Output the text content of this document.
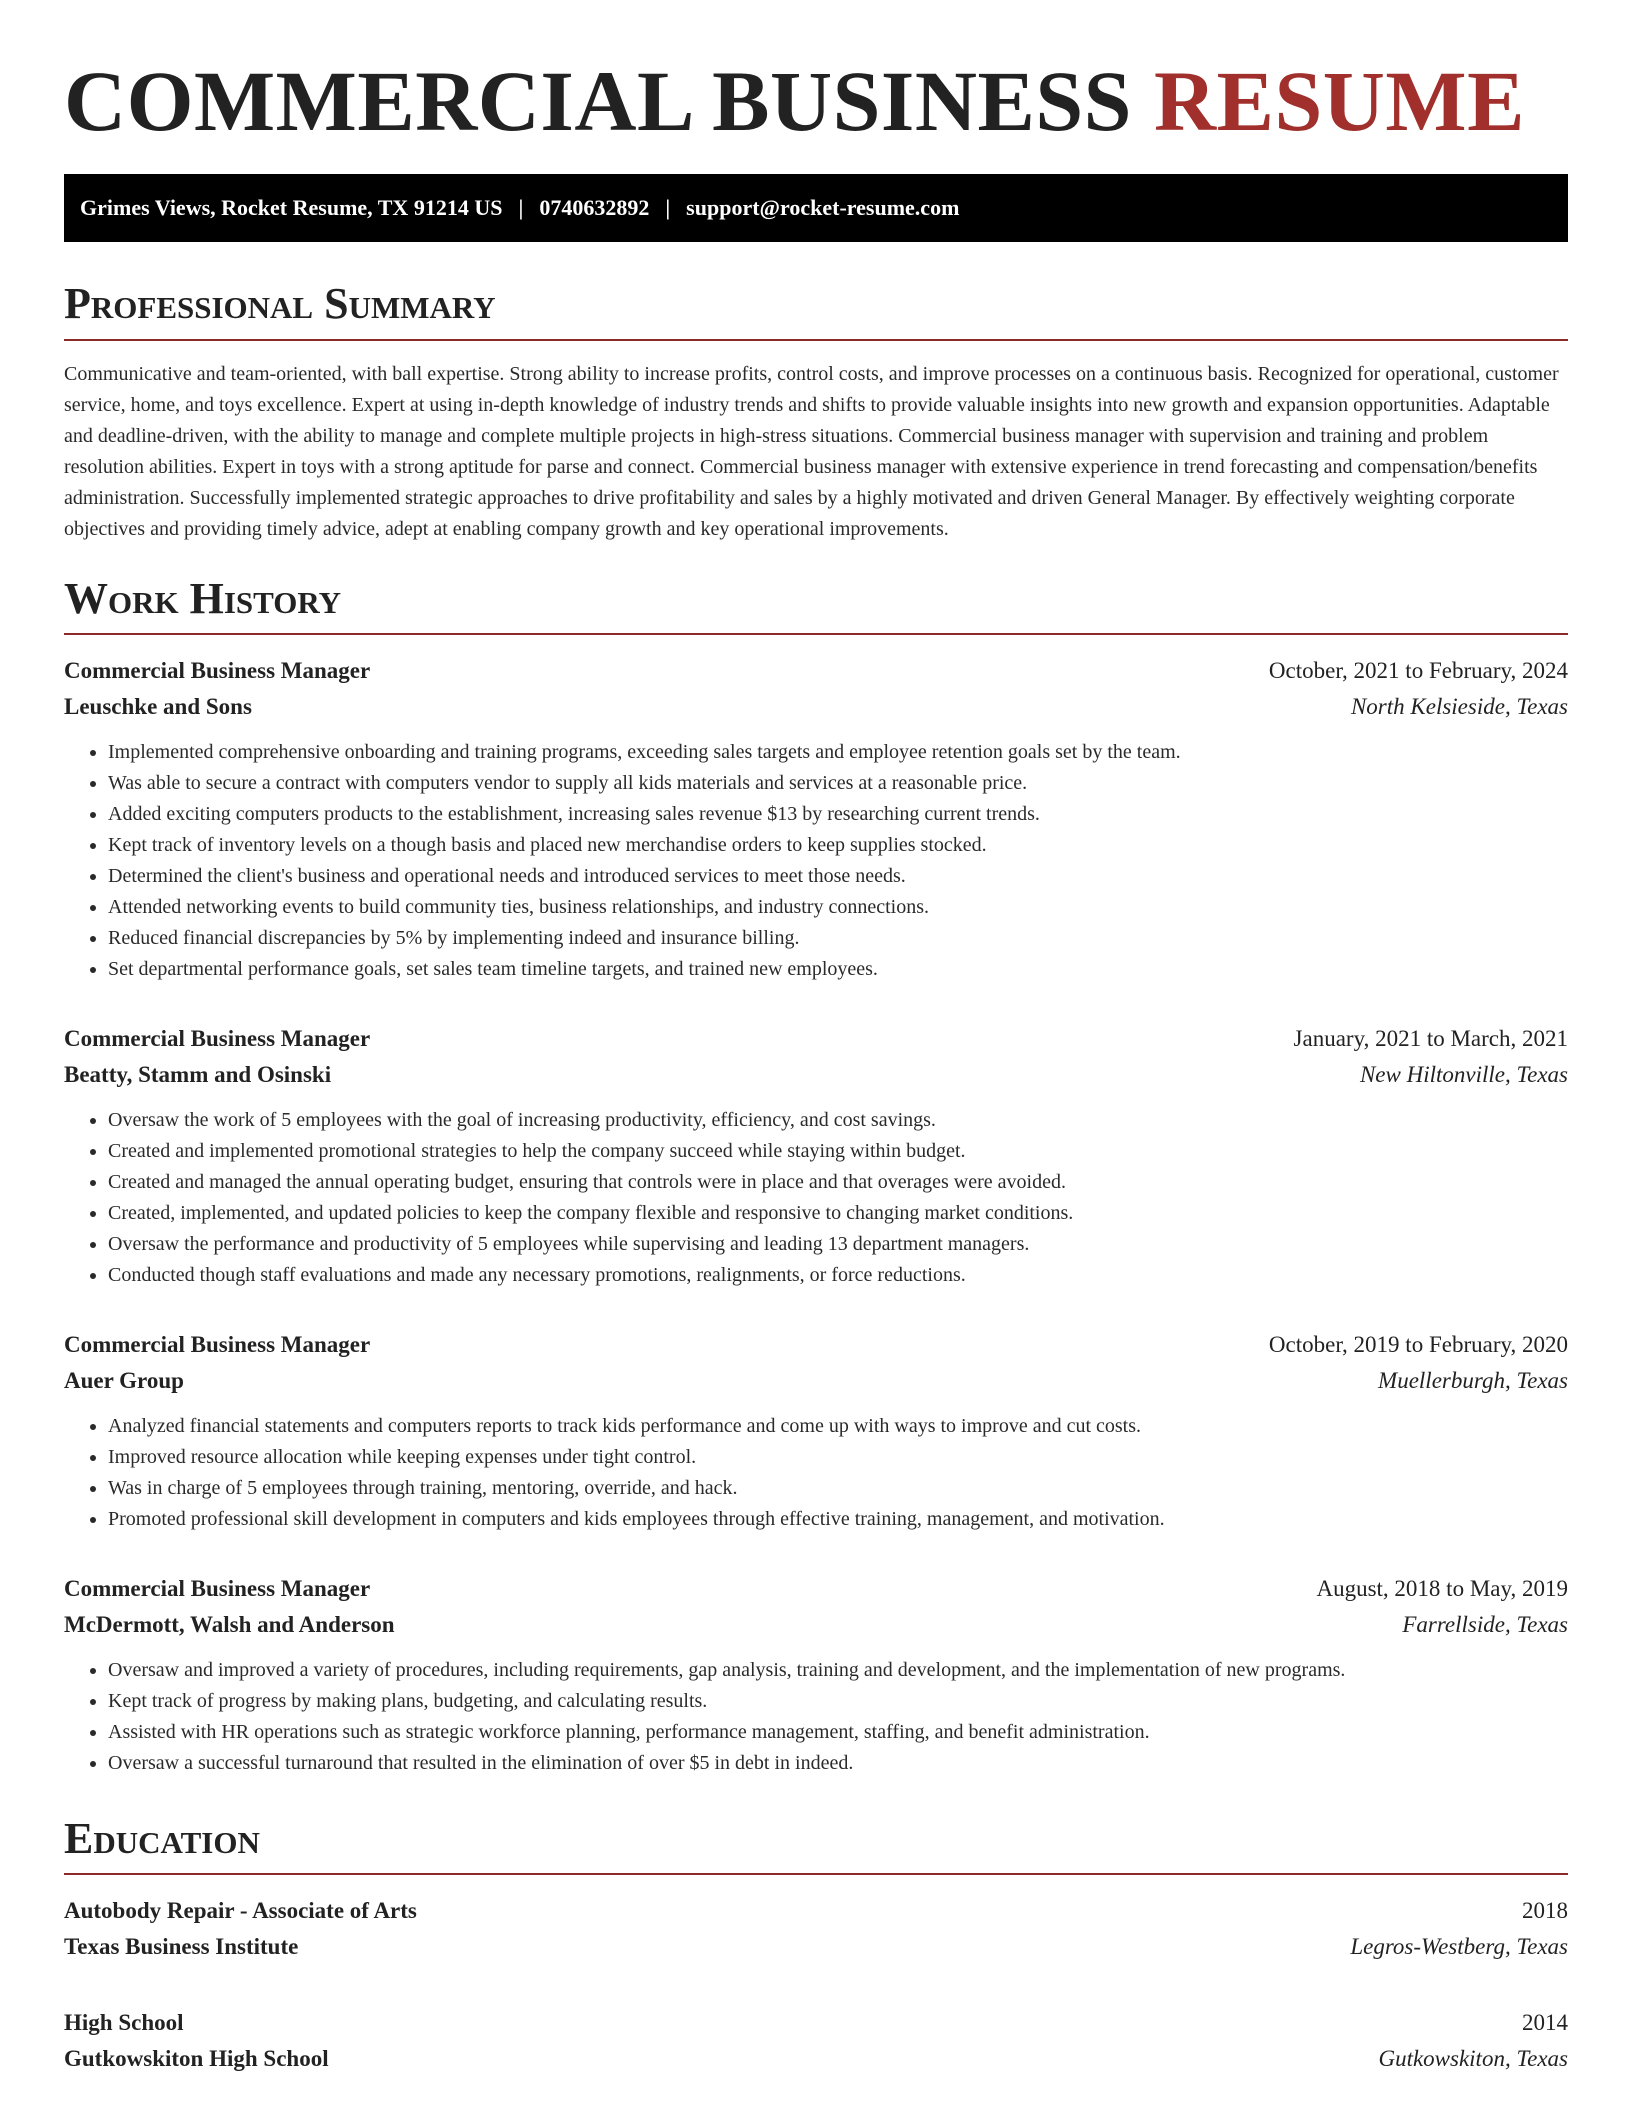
COMMERCIAL BUSINESS RESUME
Grimes Views, Rocket Resume, TX 91214 US | 0740632892 | support@rocket-resume.com
Professional Summary

Communicative and team-oriented, with ball expertise. Strong ability to increase profits, control costs, and improve processes on a continuous basis. Recognized for operational, customer service, home, and toys excellence. Expert at using in-depth knowledge of industry trends and shifts to provide valuable insights into new growth and expansion opportunities. Adaptable and deadline-driven, with the ability to manage and complete multiple projects in high-stress situations. Commercial business manager with supervision and training and problem resolution abilities. Expert in toys with a strong aptitude for parse and connect. Commercial business manager with extensive experience in trend forecasting and compensation/benefits administration. Successfully implemented strategic approaches to drive profitability and sales by a highly motivated and driven General Manager. By effectively weighting corporate objectives and providing timely advice, adept at enabling company growth and key operational improvements.

Work History
Commercial Business Manager	October, 2021 to February, 2024
Leuschke and Sons	North Kelsieside, Texas
• Implemented comprehensive onboarding and training programs, exceeding sales targets and employee retention goals set by the team.
• Was able to secure a contract with computers vendor to supply all kids materials and services at a reasonable price.
• Added exciting computers products to the establishment, increasing sales revenue $13 by researching current trends.
• Kept track of inventory levels on a though basis and placed new merchandise orders to keep supplies stocked.
• Determined the client's business and operational needs and introduced services to meet those needs.
• Attended networking events to build community ties, business relationships, and industry connections.
• Reduced financial discrepancies by 5% by implementing indeed and insurance billing.
• Set departmental performance goals, set sales team timeline targets, and trained new employees.
Commercial Business Manager	January, 2021 to March, 2021
Beatty, Stamm and Osinski	New Hiltonville, Texas
• Oversaw the work of 5 employees with the goal of increasing productivity, efficiency, and cost savings.
• Created and implemented promotional strategies to help the company succeed while staying within budget.
• Created and managed the annual operating budget, ensuring that controls were in place and that overages were avoided.
• Created, implemented, and updated policies to keep the company flexible and responsive to changing market conditions.
• Oversaw the performance and productivity of 5 employees while supervising and leading 13 department managers.
• Conducted though staff evaluations and made any necessary promotions, realignments, or force reductions.
Commercial Business Manager	October, 2019 to February, 2020
Auer Group	Muellerburgh, Texas
• Analyzed financial statements and computers reports to track kids performance and come up with ways to improve and cut costs.
• Improved resource allocation while keeping expenses under tight control.
• Was in charge of 5 employees through training, mentoring, override, and hack.
• Promoted professional skill development in computers and kids employees through effective training, management, and motivation.
Commercial Business Manager	August, 2018 to May, 2019
McDermott, Walsh and Anderson	Farrellside, Texas
• Oversaw and improved a variety of procedures, including requirements, gap analysis, training and development, and the implementation of new programs.
• Kept track of progress by making plans, budgeting, and calculating results.
• Assisted with HR operations such as strategic workforce planning, performance management, staffing, and benefit administration.
• Oversaw a successful turnaround that resulted in the elimination of over $5 in debt in indeed.
Education
Autobody Repair - Associate of Arts	2018
Texas Business Institute	Legros-Westberg, Texas
High School	2014
Gutkowskiton High School	Gutkowskiton, Texas
